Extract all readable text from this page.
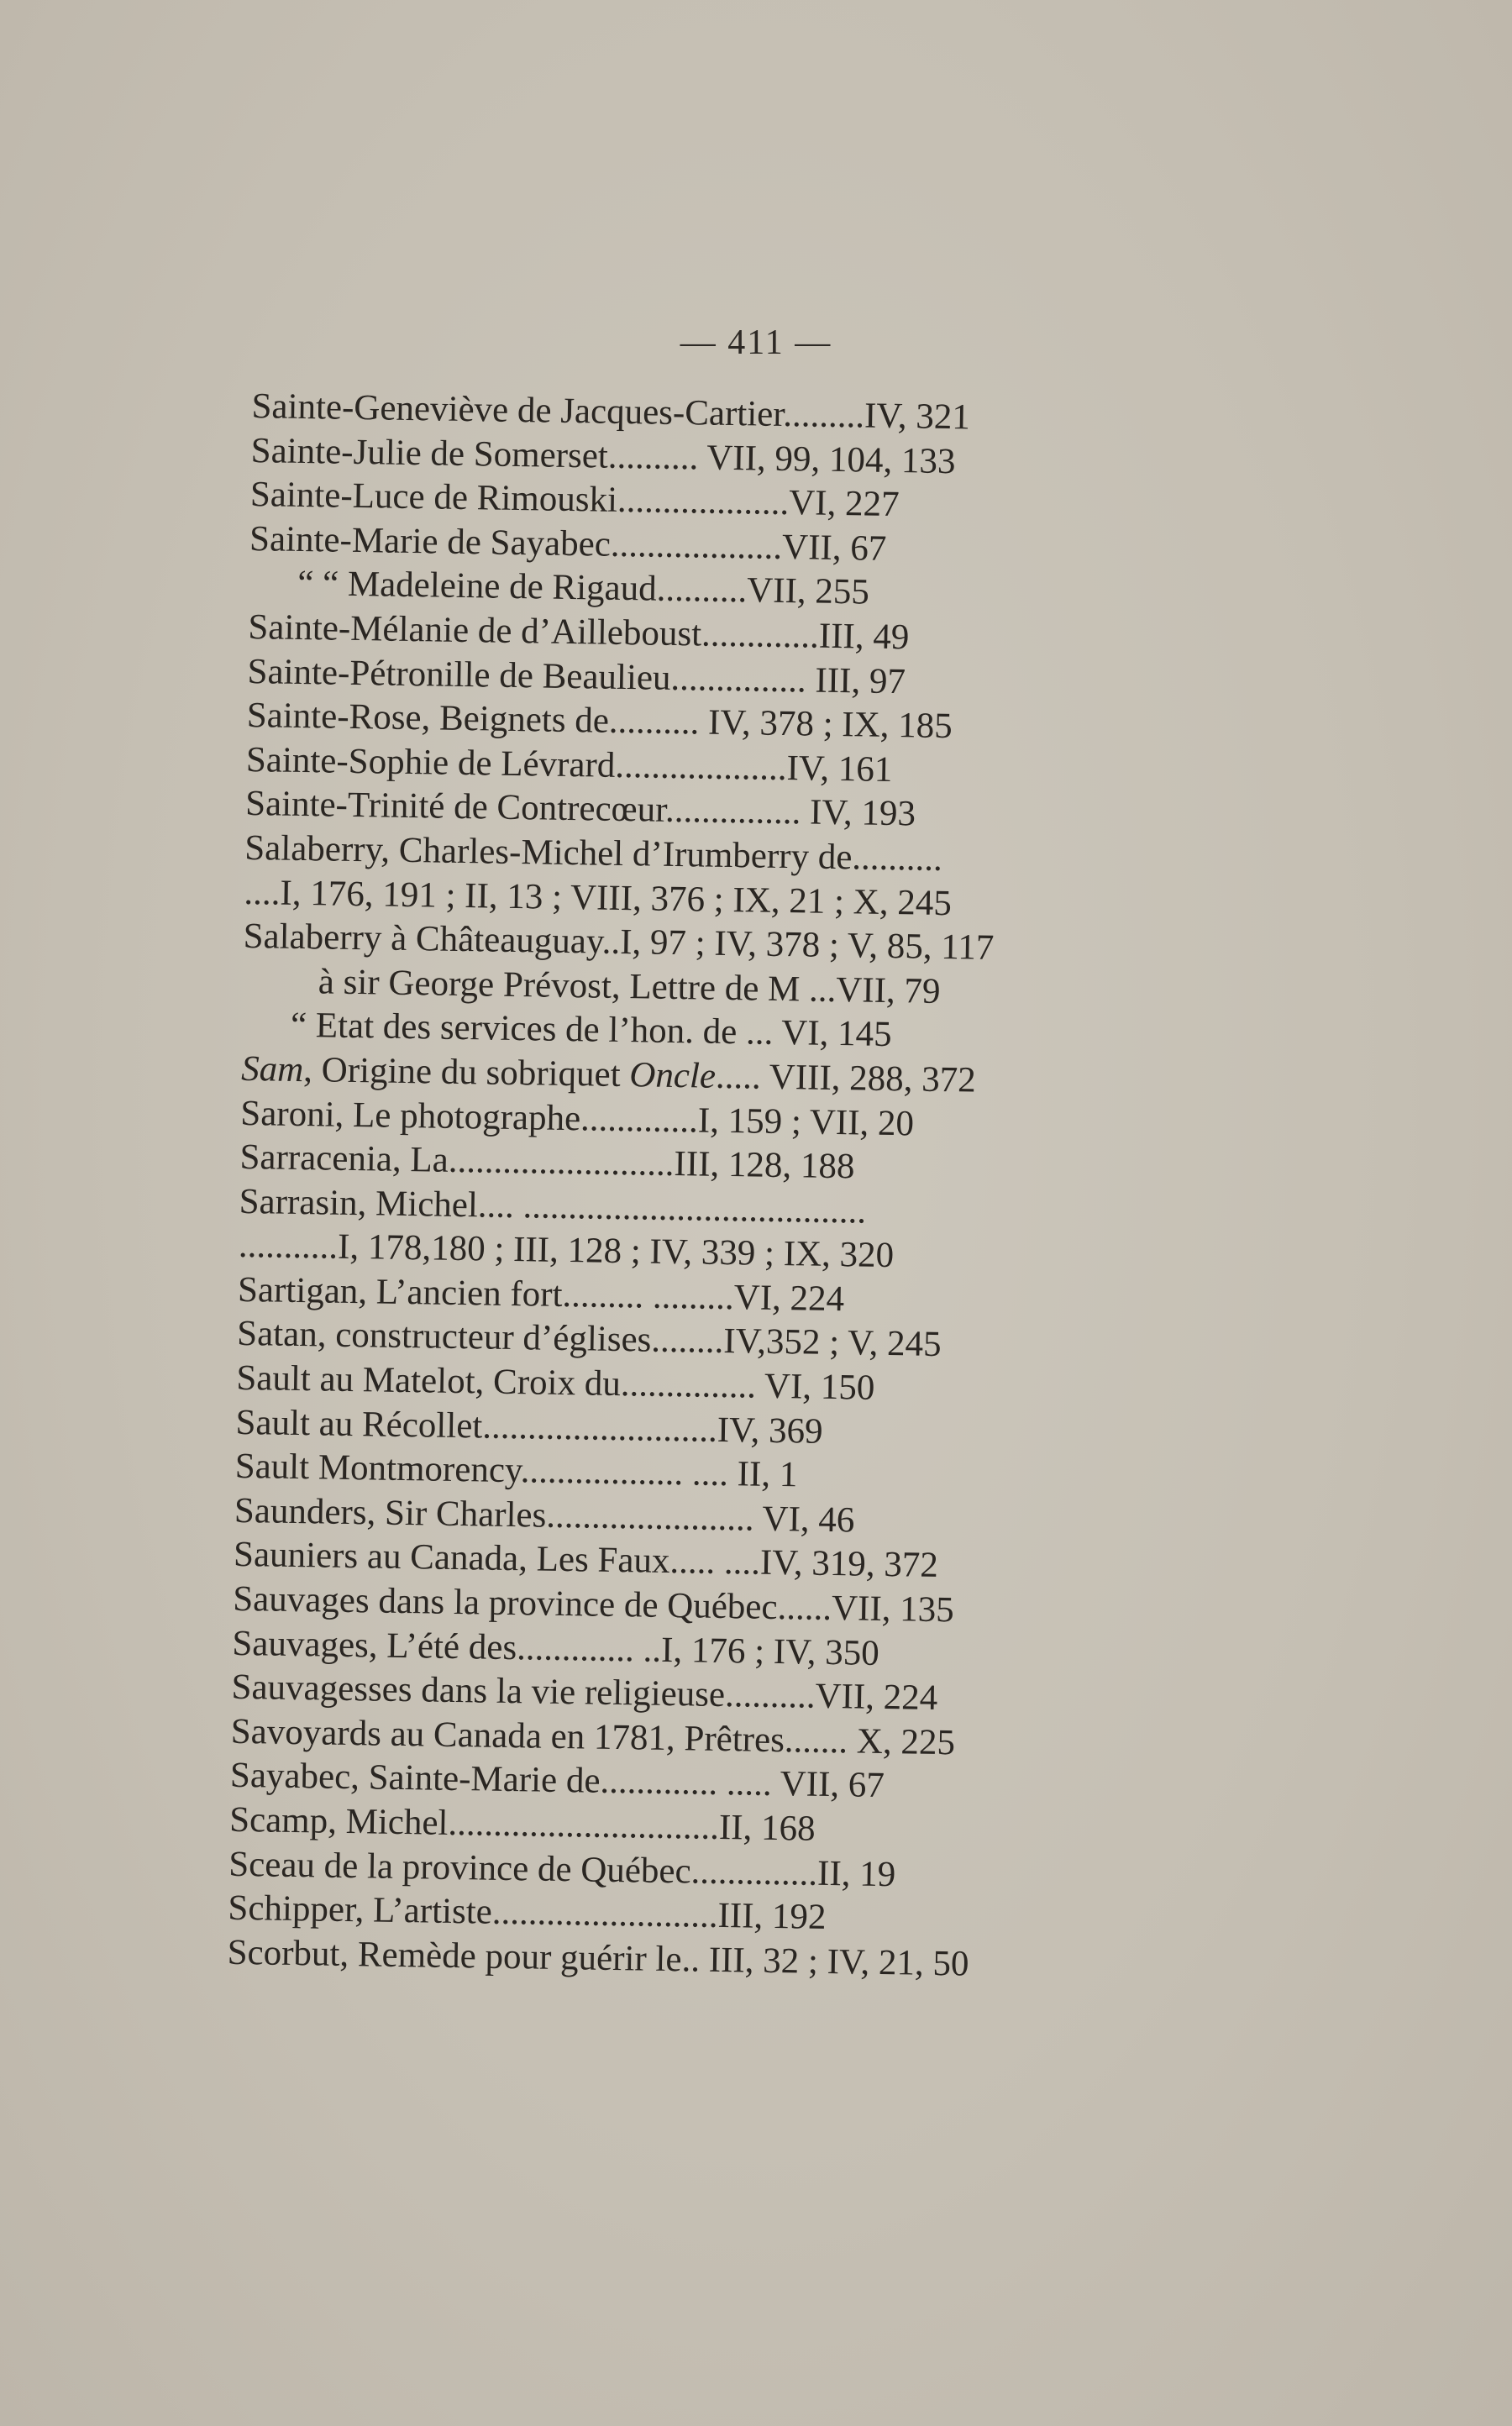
— 411 —
Sainte-Geneviève de Jacques-Cartier.........IV, 321
Sainte-Julie de Somerset.......... VII, 99, 104, 133
Sainte-Luce de Rimouski...................VI, 227
Sainte-Marie de Sayabec...................VII, 67
“ “ Madeleine de Rigaud..........VII, 255
Sainte-Mélanie de d’Ailleboust.............III, 49
Sainte-Pétronille de Beaulieu............... III, 97
Sainte-Rose, Beignets de.......... IV, 378 ; IX, 185
Sainte-Sophie de Lévrard...................IV, 161
Sainte-Trinité de Contrecœur............... IV, 193
Salaberry, Charles-Michel d’Irumberry de..........
....I, 176, 191 ; II, 13 ; VIII, 376 ; IX, 21 ; X, 245
Salaberry à Châteauguay..I, 97 ; IV, 378 ; V, 85, 117
à sir George Prévost, Lettre de M ...VII, 79
“ Etat des services de l’hon. de ... VI, 145
Sam, Origine du sobriquet Oncle..... VIII, 288, 372
Saroni, Le photographe.............I, 159 ; VII, 20
Sarracenia, La.........................III, 128, 188
Sarrasin, Michel.... ......................................
...........I, 178,180 ; III, 128 ; IV, 339 ; IX, 320
Sartigan, L’ancien fort......... .........VI, 224
Satan, constructeur d’églises........IV,352 ; V, 245
Sault au Matelot, Croix du............... VI, 150
Sault au Récollet..........................IV, 369
Sault Montmorency.................. .... II, 1
Saunders, Sir Charles....................... VI, 46
Sauniers au Canada, Les Faux..... ....IV, 319, 372
Sauvages dans la province de Québec......VII, 135
Sauvages, L’été des............. ..I, 176 ; IV, 350
Sauvagesses dans la vie religieuse..........VII, 224
Savoyards au Canada en 1781, Prêtres....... X, 225
Sayabec, Sainte-Marie de............. ..... VII, 67
Scamp, Michel..............................II, 168
Sceau de la province de Québec..............II, 19
Schipper, L’artiste.........................III, 192
Scorbut, Remède pour guérir le.. III, 32 ; IV, 21, 50
